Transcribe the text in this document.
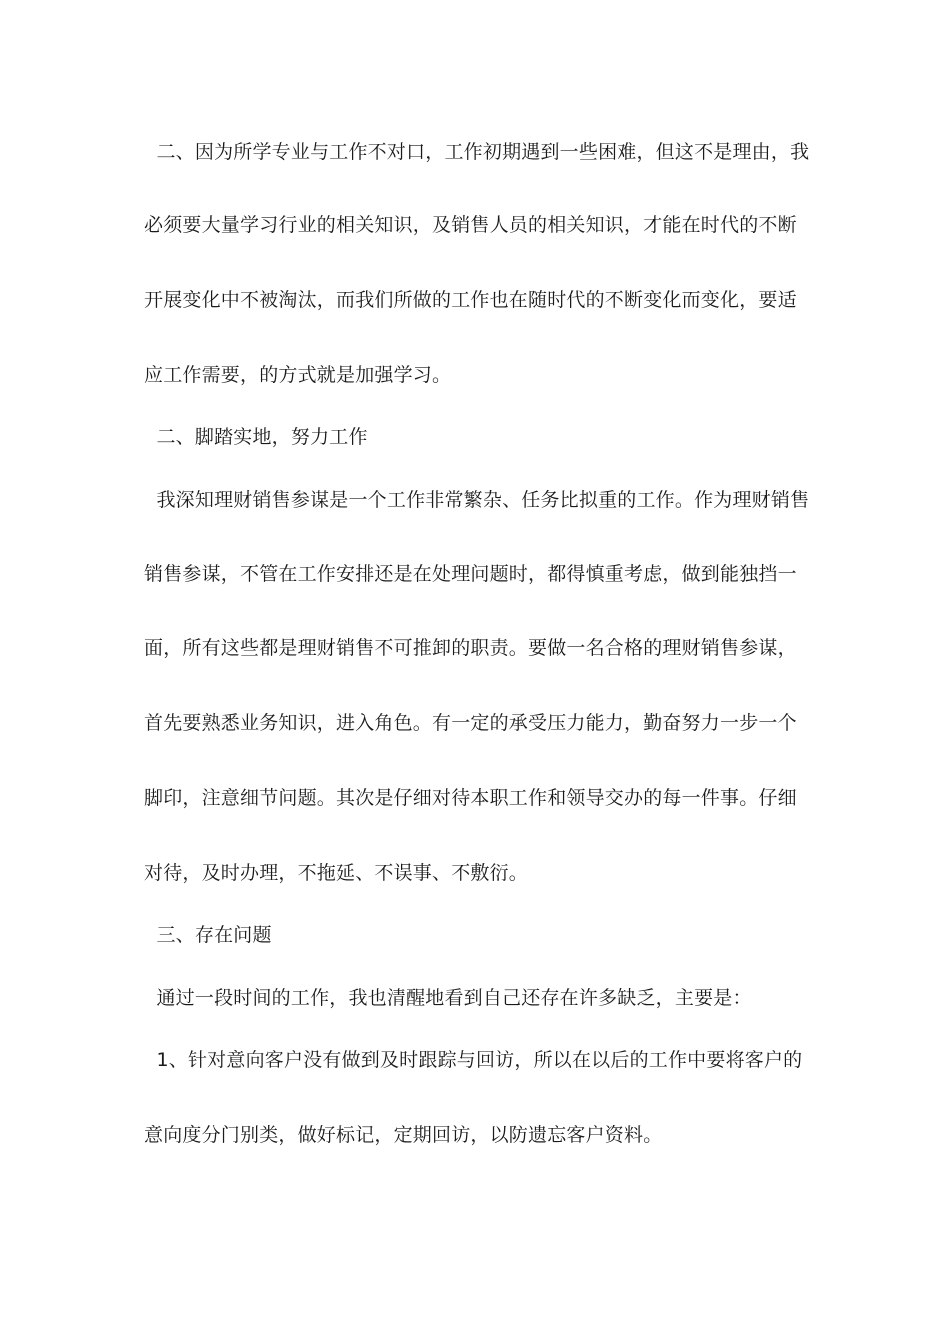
二、因为所学专业与工作不对口，工作初期遇到一些困难，但这不是理由，我
必须要大量学习行业的相关知识，及销售人员的相关知识，才能在时代的不断
开展变化中不被淘汰，而我们所做的工作也在随时代的不断变化而变化，要适
应工作需要，的方式就是加强学习。
二、脚踏实地，努力工作
我深知理财销售参谋是一个工作非常繁杂、任务比拟重的工作。作为理财销售
销售参谋，不管在工作安排还是在处理问题时，都得慎重考虑，做到能独挡一
面，所有这些都是理财销售不可推卸的职责。要做一名合格的理财销售参谋，
首先要熟悉业务知识，进入角色。有一定的承受压力能力，勤奋努力一步一个
脚印，注意细节问题。其次是仔细对待本职工作和领导交办的每一件事。仔细
对待，及时办理，不拖延、不误事、不敷衍。
三、存在问题
通过一段时间的工作，我也清醒地看到自己还存在许多缺乏，主要是：
1、针对意向客户没有做到及时跟踪与回访，所以在以后的工作中要将客户的
意向度分门别类，做好标记，定期回访，以防遗忘客户资料。
